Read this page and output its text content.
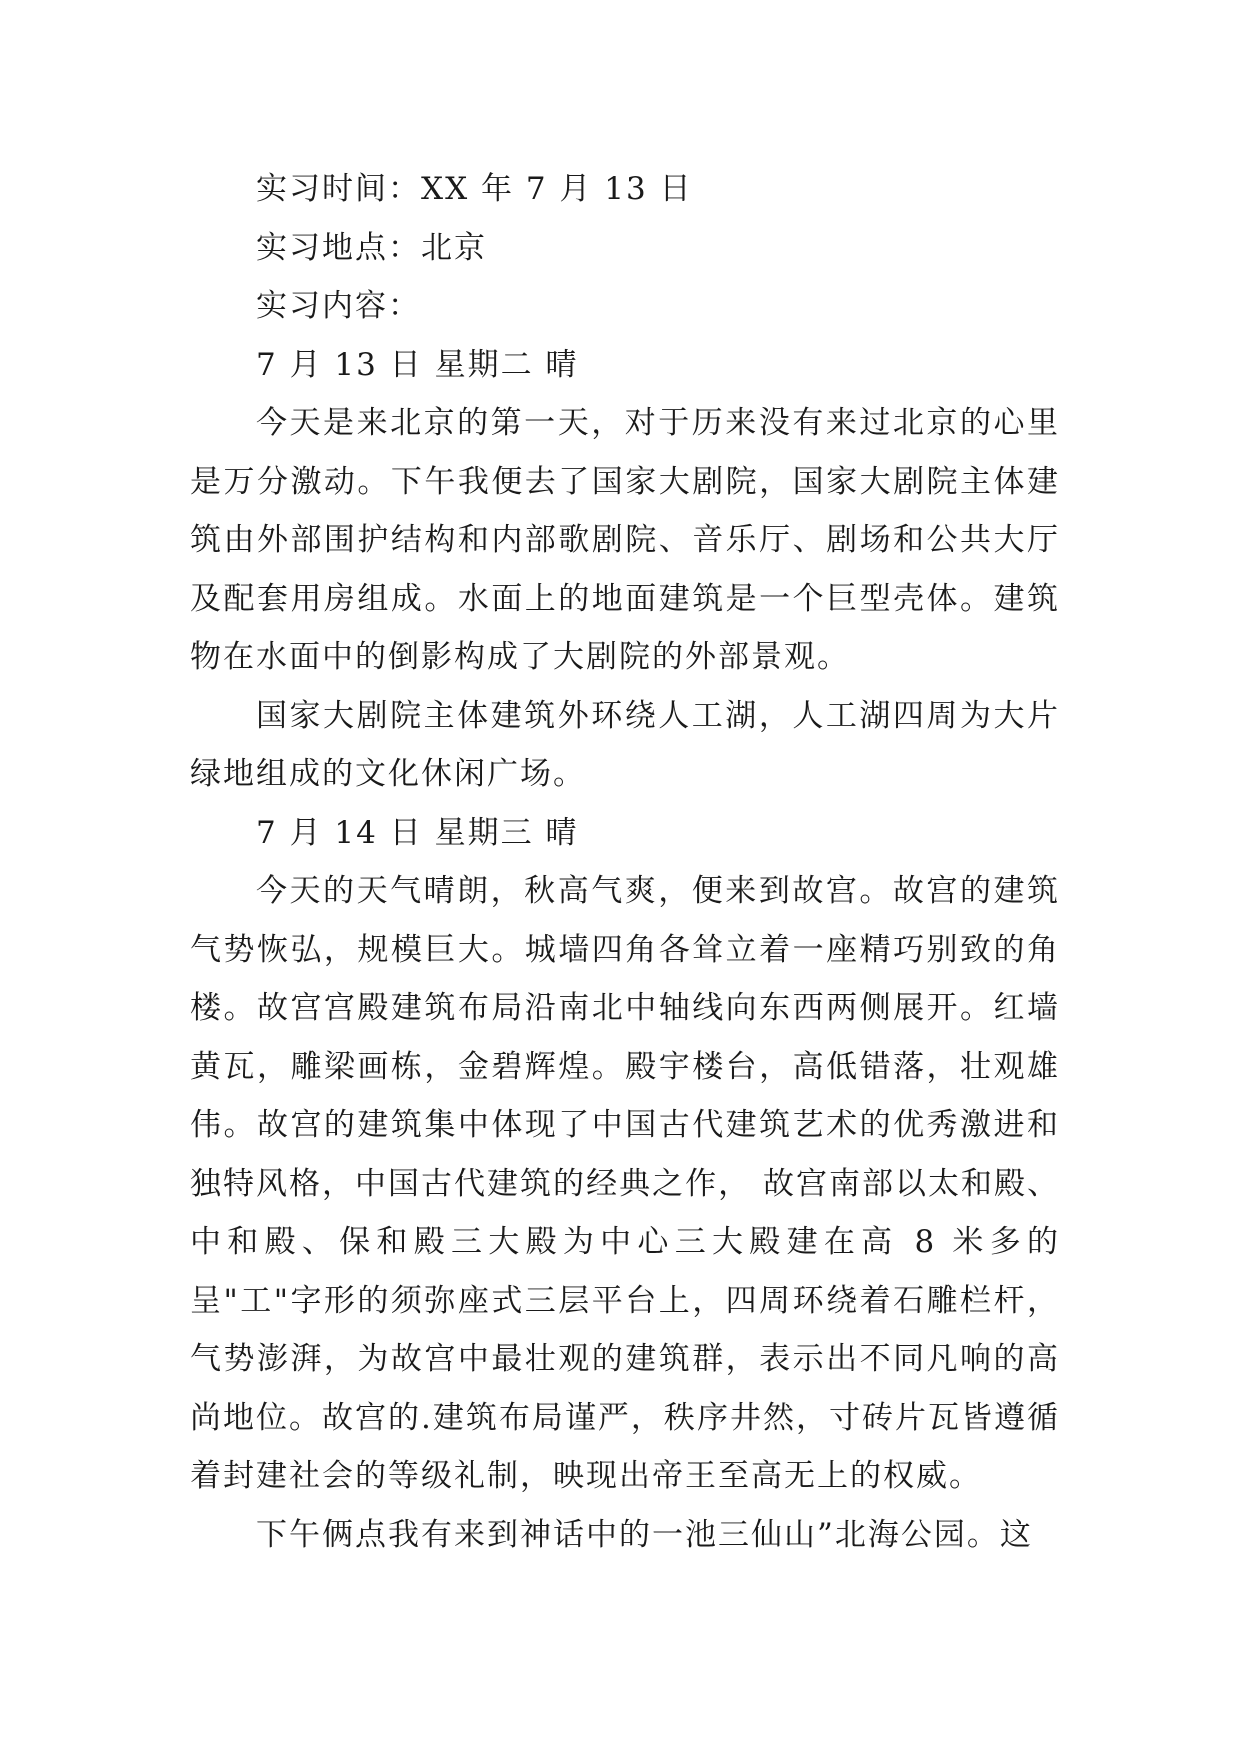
实习时间：XX 年 7 月 13 日
实习地点：北京
实习内容：
7 月 13 日 星期二 晴

今天是来北京的第一天，对于历来没有来过北京的心里是万分激动。下午我便去了国家大剧院，国家大剧院主体建筑由外部围护结构和内部歌剧院、音乐厅、剧场和公共大厅及配套用房组成。水面上的地面建筑是一个巨型壳体。建筑物在水面中的倒影构成了大剧院的外部景观。

国家大剧院主体建筑外环绕人工湖，人工湖四周为大片绿地组成的文化休闲广场。

7 月 14 日 星期三 晴

今天的天气晴朗，秋高气爽，便来到故宫。故宫的建筑气势恢弘，规模巨大。城墙四角各耸立着一座精巧别致的角楼。故宫宫殿建筑布局沿南北中轴线向东西两侧展开。红墙黄瓦，雕梁画栋，金碧辉煌。殿宇楼台，高低错落，壮观雄伟。故宫的建筑集中体现了中国古代建筑艺术的优秀激进和独特风格，中国古代建筑的经典之作， 故宫南部以太和殿、中和殿、保和殿三大殿为中心三大殿建在高 8 米多的呈"工"字形的须弥座式三层平台上，四周环绕着石雕栏杆，气势澎湃，为故宫中最壮观的建筑群，表示出不同凡响的高尚地位。故宫的.建筑布局谨严，秩序井然，寸砖片瓦皆遵循着封建社会的等级礼制，映现出帝王至高无上的权威。

下午俩点我有来到神话中的一池三仙山”北海公园。这
